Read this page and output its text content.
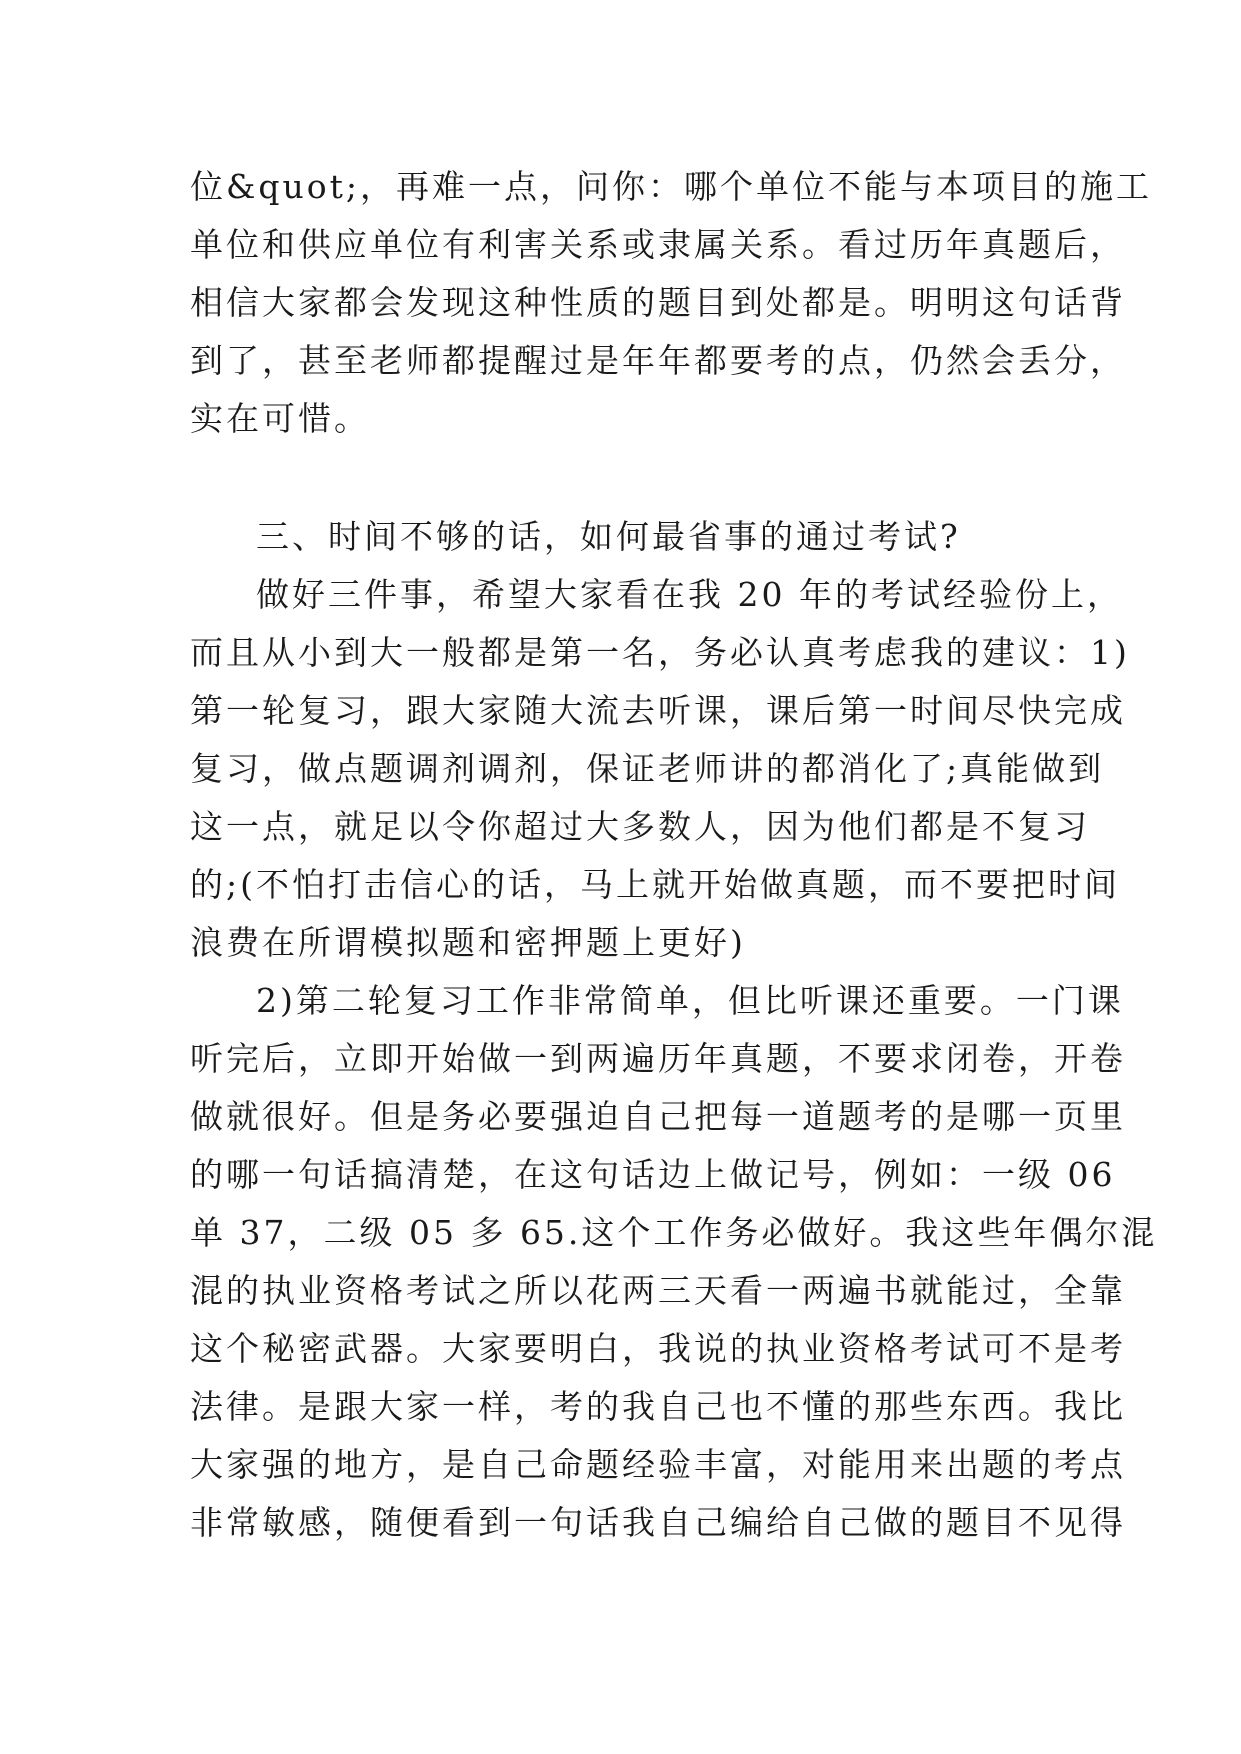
位&quot;，再难一点，问你：哪个单位不能与本项目的施工
单位和供应单位有利害关系或隶属关系。看过历年真题后，
相信大家都会发现这种性质的题目到处都是。明明这句话背
到了，甚至老师都提醒过是年年都要考的点，仍然会丢分，
实在可惜。
三、时间不够的话，如何最省事的通过考试?
做好三件事，希望大家看在我 20 年的考试经验份上，
而且从小到大一般都是第一名，务必认真考虑我的建议：1)
第一轮复习，跟大家随大流去听课，课后第一时间尽快完成
复习，做点题调剂调剂，保证老师讲的都消化了;真能做到
这一点，就足以令你超过大多数人，因为他们都是不复习
的;(不怕打击信心的话，马上就开始做真题，而不要把时间
浪费在所谓模拟题和密押题上更好)
2)第二轮复习工作非常简单，但比听课还重要。一门课
听完后，立即开始做一到两遍历年真题，不要求闭卷，开卷
做就很好。但是务必要强迫自己把每一道题考的是哪一页里
的哪一句话搞清楚，在这句话边上做记号，例如：一级 06
单 37，二级 05 多 65.这个工作务必做好。我这些年偶尔混
混的执业资格考试之所以花两三天看一两遍书就能过，全靠
这个秘密武器。大家要明白，我说的执业资格考试可不是考
法律。是跟大家一样，考的我自己也不懂的那些东西。我比
大家强的地方，是自己命题经验丰富，对能用来出题的考点
非常敏感，随便看到一句话我自己编给自己做的题目不见得
